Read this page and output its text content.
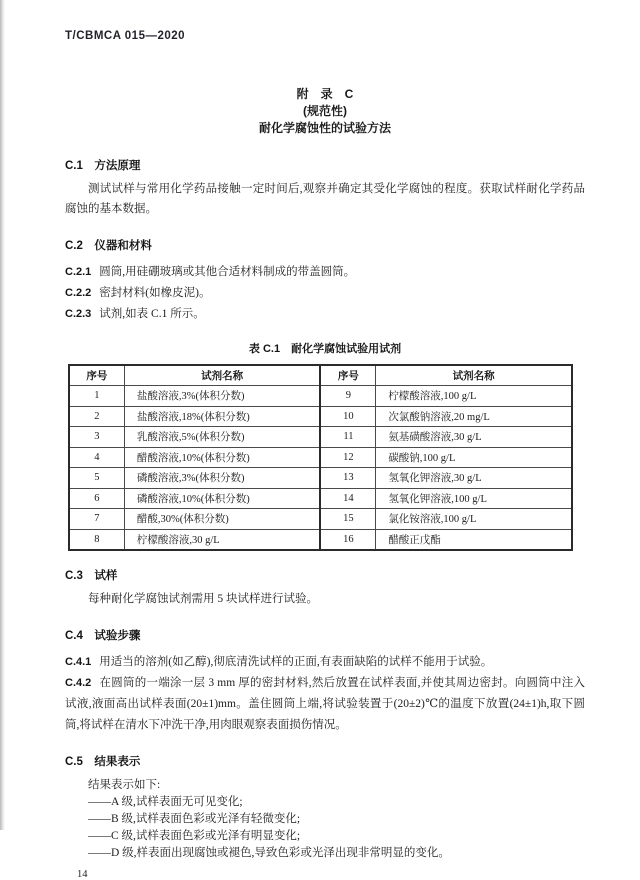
T/CBMCA 015—2020
附　录　C
(规范性)
耐化学腐蚀性的试验方法
C.1　方法原理

测试试样与常用化学药品接触一定时间后,观察并确定其受化学腐蚀的程度。获取试样耐化学药品腐蚀的基本数据。

C.2　仪器和材料

C.2.1 圆筒,用硅硼玻璃或其他合适材料制成的带盖圆筒。

C.2.2 密封材料(如橡皮泥)。

C.2.3 试剂,如表 C.1 所示。

表 C.1　耐化学腐蚀试验用试剂
序号	试剂名称	序号	试剂名称
1	盐酸溶液,3%(体积分数)	9	柠檬酸溶液,100 g/L
2	盐酸溶液,18%(体积分数)	10	次氯酸钠溶液,20 mg/L
3	乳酸溶液,5%(体积分数)	11	氨基磺酸溶液,30 g/L
4	醋酸溶液,10%(体积分数)	12	碳酸钠,100 g/L
5	磷酸溶液,3%(体积分数)	13	氢氧化钾溶液,30 g/L
6	磷酸溶液,10%(体积分数)	14	氢氧化钾溶液,100 g/L
7	醋酸,30%(体积分数)	15	氯化铵溶液,100 g/L
8	柠檬酸溶液,30 g/L	16	醋酸正戊酯
C.3　试样

每种耐化学腐蚀试剂需用 5 块试样进行试验。

C.4　试验步骤

C.4.1 用适当的溶剂(如乙醇),彻底清洗试样的正面,有表面缺陷的试样不能用于试验。

C.4.2 在圆筒的一端涂一层 3 mm 厚的密封材料,然后放置在试样表面,并使其周边密封。向圆筒中注入试液,液面高出试样表面(20±1)mm。盖住圆筒上端,将试验装置于(20±2)℃的温度下放置(24±1)h,取下圆筒,将试样在清水下冲洗干净,用肉眼观察表面损伤情况。

C.5　结果表示

结果表示如下:

——A 级,试样表面无可见变化;
——B 级,试样表面色彩或光泽有轻微变化;
——C 级,试样表面色彩或光泽有明显变化;
——D 级,样表面出现腐蚀或褪色,导致色彩或光泽出现非常明显的变化。
14
